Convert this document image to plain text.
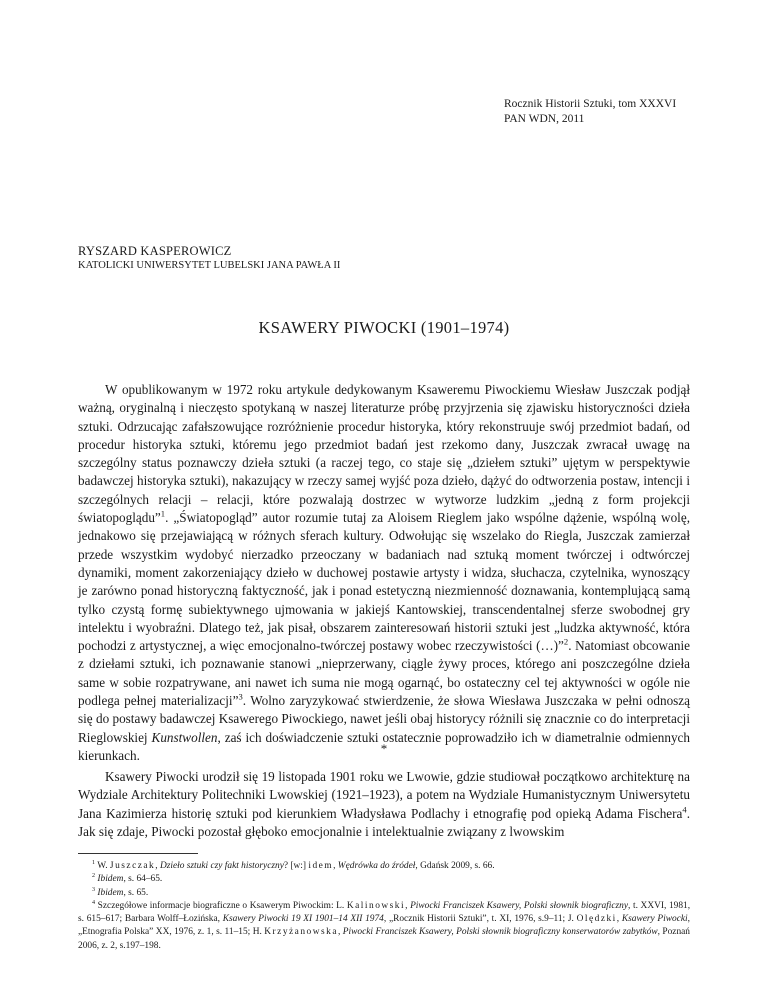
Rocznik Historii Sztuki, tom XXXVI
PAN WDN, 2011
RYSZARD KASPEROWICZ
KATOLICKI UNIWERSYTET LUBELSKI JANA PAWŁA II
KSAWERY PIWOCKI (1901–1974)

W opublikowanym w 1972 roku artykule dedykowanym Ksaweremu Piwockiemu Wiesław Juszczak podjął ważną, oryginalną i nieczęsto spotykaną w naszej literaturze próbę przyjrzenia się zjawisku historyczności dzieła sztuki. Odrzucając zafałszowujące rozróżnienie procedur historyka, który rekonstruuje swój przedmiot badań, od procedur historyka sztuki, któremu jego przedmiot badań jest rzekomo dany, Juszczak zwracał uwagę na szczególny status poznawczy dzieła sztuki (a raczej tego, co staje się „dziełem sztuki” ujętym w perspektywie badawczej historyka sztuki), nakazujący w rzeczy samej wyjść poza dzieło, dążyć do odtworzenia postaw, intencji i szczególnych relacji – relacji, które pozwalają dostrzec w wytworze ludzkim „jedną z form projekcji światopoglądu”$^1$. „Światopogląd” autor rozumie tutaj za Aloisem Rieglem jako wspólne dążenie, wspólną wolę, jednakowo się przejawiającą w różnych sferach kultury. Odwołując się wszelako do Riegla, Juszczak zamierzał przede wszystkim wydobyć nierzadko przeoczany w badaniach nad sztuką moment twórczej i odtwórczej dynamiki, moment zakorzeniający dzieło w duchowej postawie artysty i widza, słuchacza, czytelnika, wynoszący je zarówno ponad historyczną faktyczność, jak i ponad estetyczną niezmienność doznawania, kontemplującą samą tylko czystą formę subiektywnego ujmowania w jakiejś Kantowskiej, transcendentalnej sferze swobodnej gry intelektu i wyobraźni. Dlatego też, jak pisał, obszarem zainteresowań historii sztuki jest „ludzka aktywność, która pochodzi z artystycznej, a więc emocjonalno-twórczej postawy wobec rzeczywistości (…)”$^2$. Natomiast obcowanie z dziełami sztuki, ich poznawanie stanowi „nieprzerwany, ciągle żywy proces, którego ani poszczególne dzieła same w sobie rozpatrywane, ani nawet ich suma nie mogą ogarnąć, bo ostateczny cel tej aktywności w ogóle nie podlega pełnej materializacji”$^3$. Wolno zaryzykować stwierdzenie, że słowa Wiesława Juszczaka w pełni odnoszą się do postawy badawczej Ksawerego Piwockiego, nawet jeśli obaj historycy różnili się znacznie co do interpretacji Rieglowskiej Kunstwollen, zaś ich doświadczenie sztuki ostatecznie poprowadziło ich w diametralnie odmiennych kierunkach.	*

Ksawery Piwocki urodził się 19 listopada 1901 roku we Lwowie, gdzie studiował początkowo architekturę na Wydziale Architektury Politechniki Lwowskiej (1921–1923), a potem na Wydziale Humanistycznym Uniwersytetu Jana Kazimierza historię sztuki pod kierunkiem Władysława Podlachy i etnografię pod opieką Adama Fischera$^4$. Jak się zdaje, Piwocki pozostał głęboko emocjonalnie i intelektualnie związany z lwowskim

$^1$ W. Juszczak, Dzieło sztuki czy fakt historyczny? [w:] idem, Wędrówka do źródeł, Gdańsk 2009, s. 66.

$^2$ Ibidem, s. 64–65.

$^3$ Ibidem, s. 65.

$^4$ Szczegółowe informacje biograficzne o Ksawerym Piwockim: L. Kalinowski, Piwocki Franciszek Ksawery, Polski słownik biograficzny, t. XXVI, 1981, s. 615–617; Barbara Wolff–Łozińska, Ksawery Piwocki 19 XI 1901–14 XII 1974, „Rocznik Historii Sztuki”, t. XI, 1976, s.9–11; J. Olędzki, Ksawery Piwocki, „Etnografia Polska” XX, 1976, z. 1, s. 11–15; H. Krzyżanowska, Piwocki Franciszek Ksawery, Polski słownik biograficzny konserwatorów zabytków, Poznań 2006, z. 2, s.197–198.
